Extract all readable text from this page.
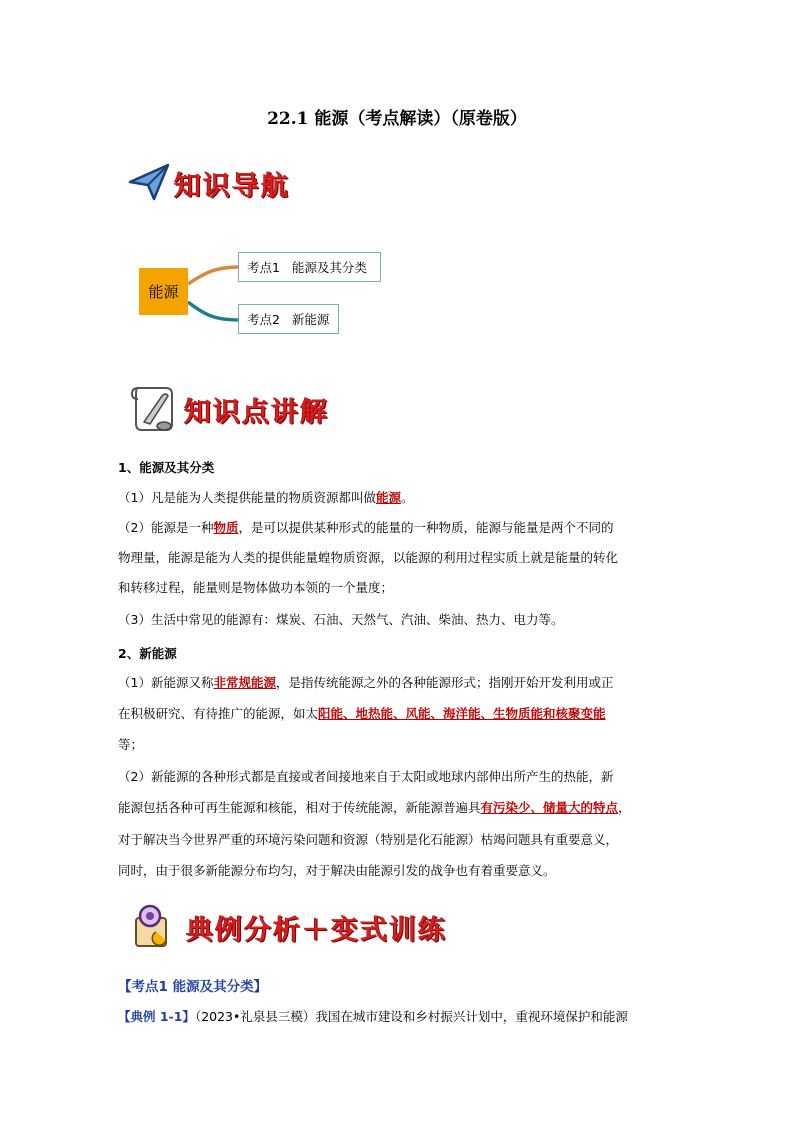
22.1 能源（考点解读）（原卷版）
知识导航
能源
考点1   能源及其分类
考点2   新能源
知识点讲解
1、能源及其分类
（1）凡是能为人类提供能量的物质资源都叫做能源。
（2）能源是一种物质，是可以提供某种形式的能量的一种物质，能源与能量是两个不同的
物理量，能源是能为人类的提供能量蝗物质资源，以能源的利用过程实质上就是能量的转化
和转移过程，能量则是物体做功本领的一个量度；
（3）生活中常见的能源有：煤炭、石油、天然气、汽油、柴油、热力、电力等。
2、新能源
（1）新能源又称非常规能源，是指传统能源之外的各种能源形式；指刚开始开发利用或正
在积极研究、有待推广的能源，如太阳能、地热能、风能、海洋能、生物质能和核聚变能
等；
（2）新能源的各种形式都是直接或者间接地来自于太阳或地球内部伸出所产生的热能，新
能源包括各种可再生能源和核能，相对于传统能源，新能源普遍具有污染少、储量大的特点，
对于解决当今世界严重的环境污染问题和资源（特别是化石能源）枯竭问题具有重要意义，
同时，由于很多新能源分布均匀，对于解决由能源引发的战争也有着重要意义。
典例分析＋变式训练
【考点1 能源及其分类】
【典例 1-1】（2023•礼泉县三模）我国在城市建设和乡村振兴计划中，重视环境保护和能源
